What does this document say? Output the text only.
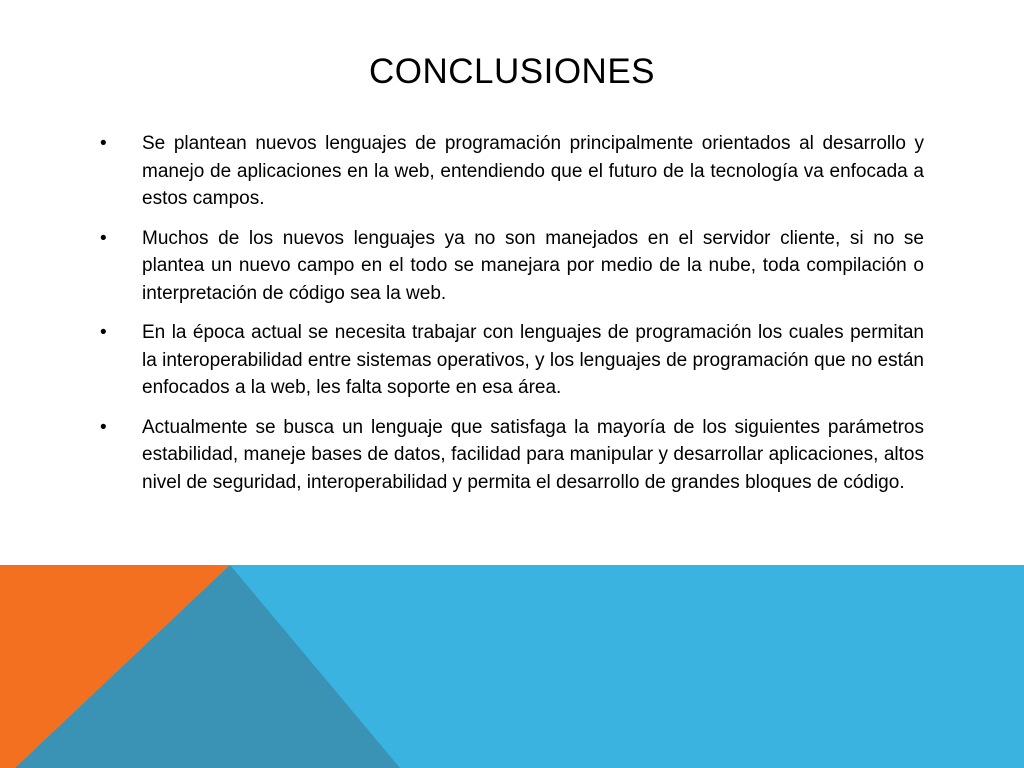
CONCLUSIONES
• Se plantean nuevos lenguajes de programación principalmente orientados al desarrollo y manejo de aplicaciones en la web, entendiendo que el futuro de la tecnología va enfocada a estos campos.
• Muchos de los nuevos lenguajes ya no son manejados en el servidor cliente, si no se plantea un nuevo campo en el todo se manejara por medio de la nube, toda compilación o interpretación de código sea la web.
• En la época actual se necesita trabajar con lenguajes de programación los cuales permitan la interoperabilidad entre sistemas operativos, y los lenguajes de programación que no están enfocados a la web, les falta soporte en esa área.
• Actualmente se busca un lenguaje que satisfaga la mayoría de los siguientes parámetros estabilidad, maneje bases de datos, facilidad para manipular y desarrollar aplicaciones, altos nivel de seguridad, interoperabilidad y permita el desarrollo de grandes bloques de código.
